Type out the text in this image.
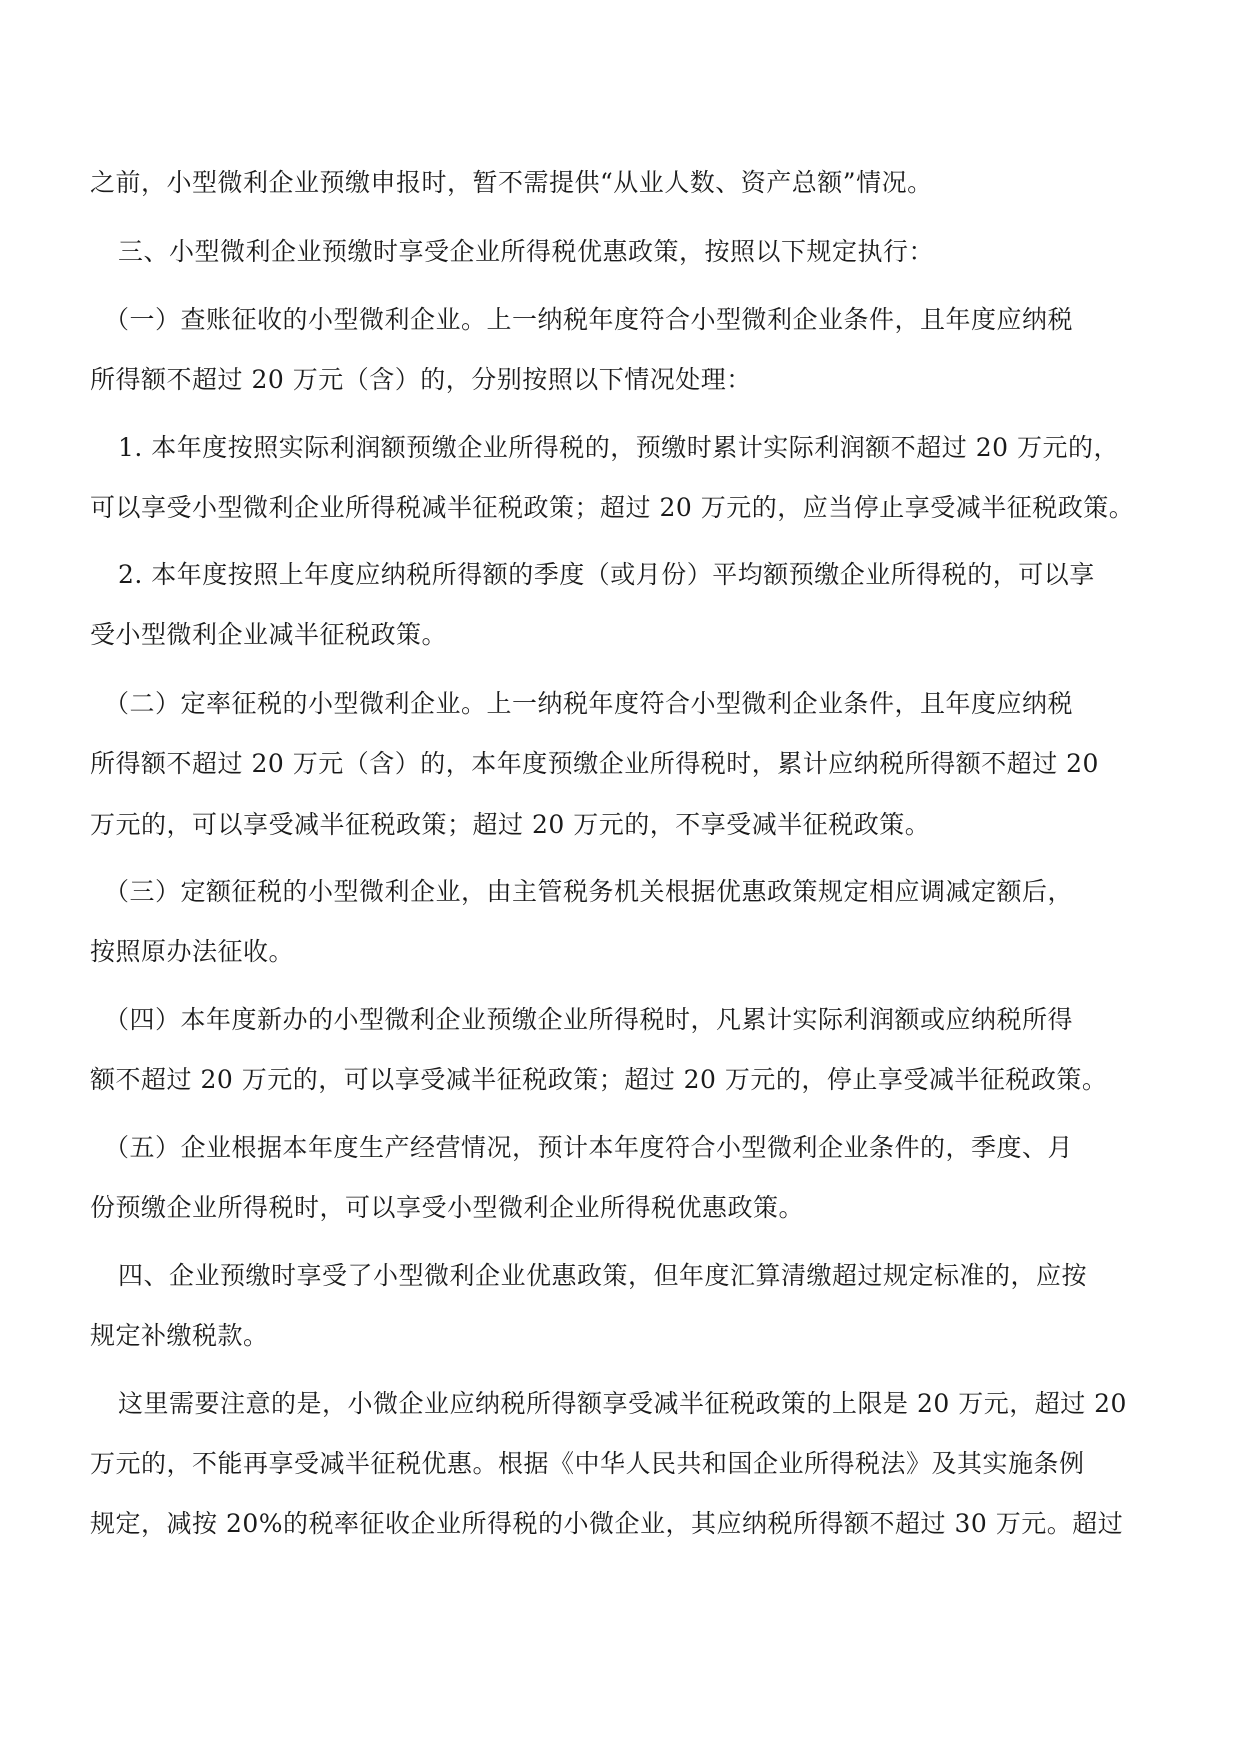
之前，小型微利企业预缴申报时，暂不需提供“从业人数、资产总额”情况。
三、小型微利企业预缴时享受企业所得税优惠政策，按照以下规定执行：
（一）查账征收的小型微利企业。上一纳税年度符合小型微利企业条件，且年度应纳税
所得额不超过 20 万元（含）的，分别按照以下情况处理：
1. 本年度按照实际利润额预缴企业所得税的，预缴时累计实际利润额不超过 20 万元的，
可以享受小型微利企业所得税减半征税政策；超过 20 万元的，应当停止享受减半征税政策。
2. 本年度按照上年度应纳税所得额的季度（或月份）平均额预缴企业所得税的，可以享
受小型微利企业减半征税政策。
（二）定率征税的小型微利企业。上一纳税年度符合小型微利企业条件，且年度应纳税
所得额不超过 20 万元（含）的，本年度预缴企业所得税时，累计应纳税所得额不超过 20
万元的，可以享受减半征税政策；超过 20 万元的，不享受减半征税政策。
（三）定额征税的小型微利企业，由主管税务机关根据优惠政策规定相应调减定额后，
按照原办法征收。
（四）本年度新办的小型微利企业预缴企业所得税时，凡累计实际利润额或应纳税所得
额不超过 20 万元的，可以享受减半征税政策；超过 20 万元的，停止享受减半征税政策。
（五）企业根据本年度生产经营情况，预计本年度符合小型微利企业条件的，季度、月
份预缴企业所得税时，可以享受小型微利企业所得税优惠政策。
四、企业预缴时享受了小型微利企业优惠政策，但年度汇算清缴超过规定标准的，应按
规定补缴税款。
这里需要注意的是，小微企业应纳税所得额享受减半征税政策的上限是 20 万元，超过 20
万元的，不能再享受减半征税优惠。根据《中华人民共和国企业所得税法》及其实施条例
规定，减按 20%的税率征收企业所得税的小微企业，其应纳税所得额不超过 30 万元。超过
